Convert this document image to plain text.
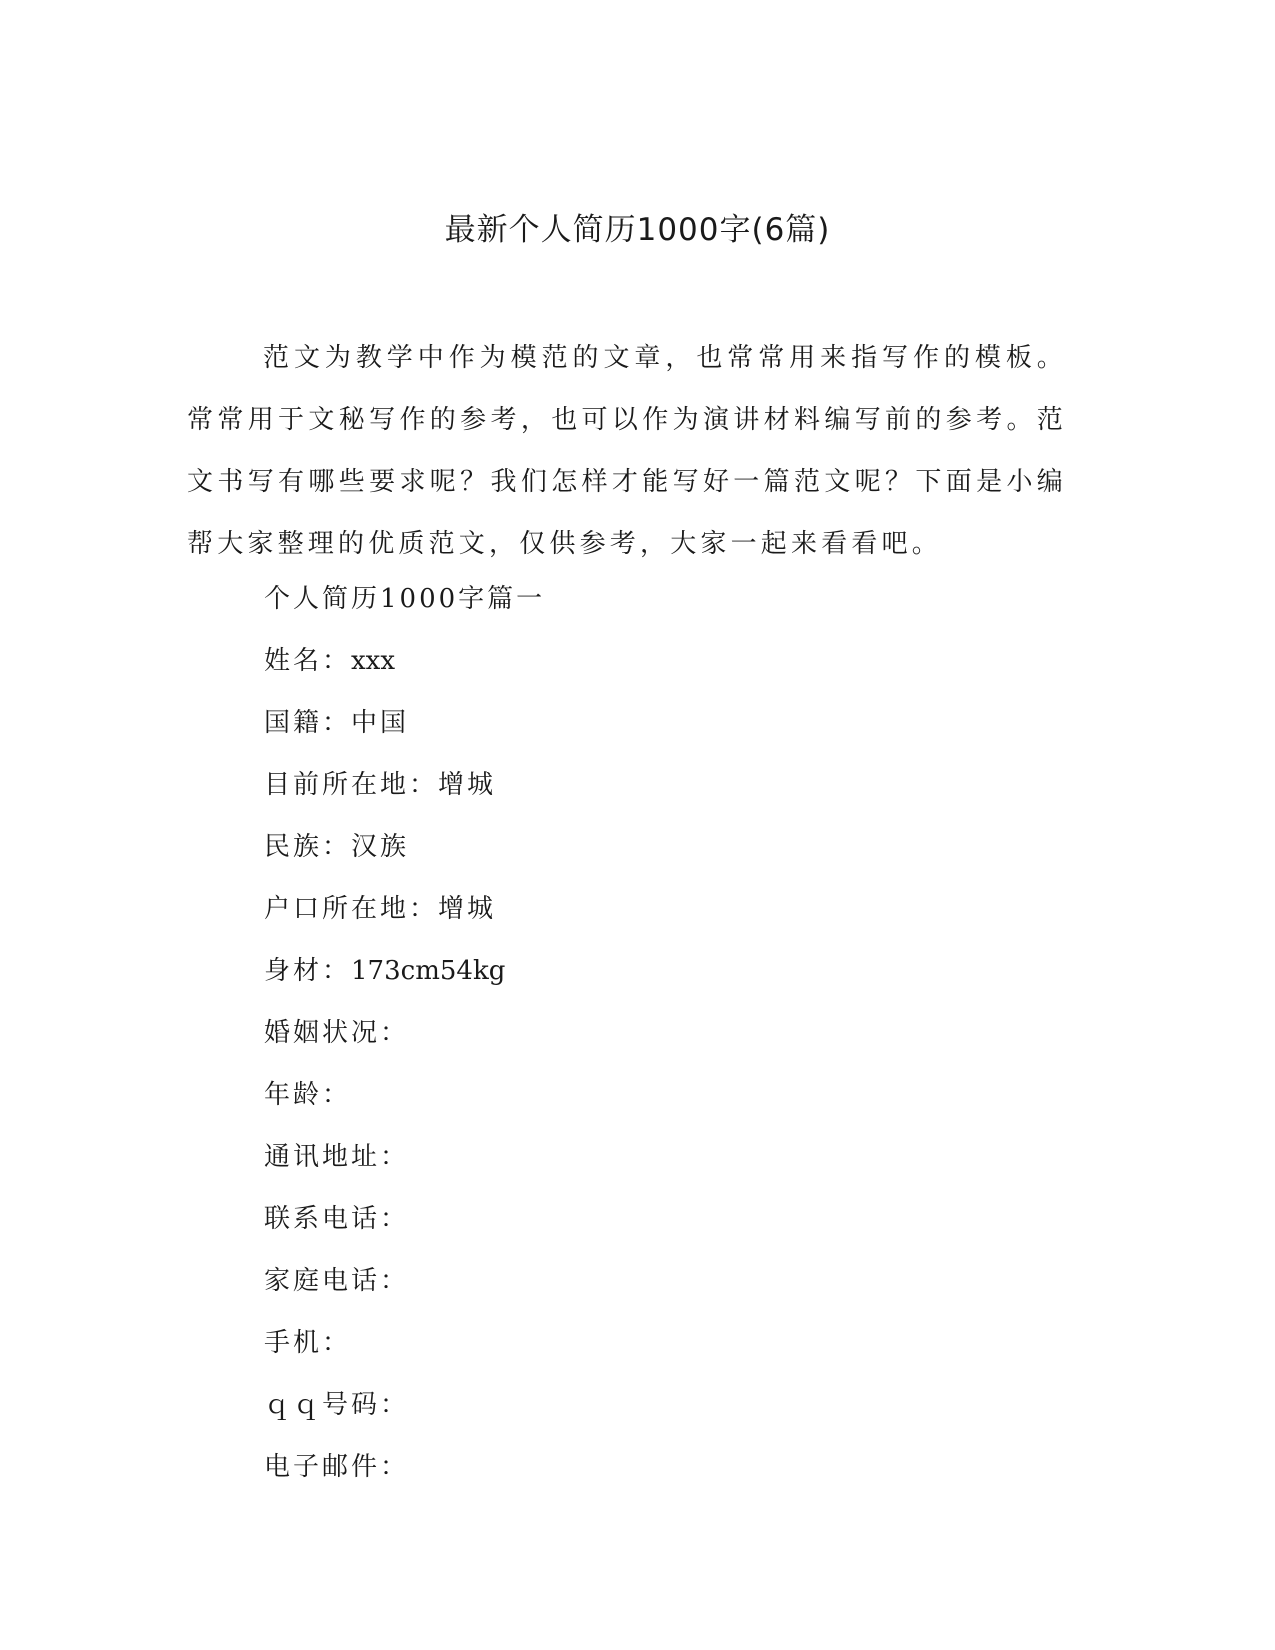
最新个人简历1000字(6篇)

范文为教学中作为模范的文章，也常常用来指写作的模板。常常用于文秘写作的参考，也可以作为演讲材料编写前的参考。范文书写有哪些要求呢？我们怎样才能写好一篇范文呢？下面是小编帮大家整理的优质范文，仅供参考，大家一起来看看吧。

个人简历1000字篇一
姓名：xxx
国籍：中国
目前所在地：增城
民族：汉族
户口所在地：增城
身材：173cm54kg
婚姻状况：
年龄：
通讯地址：
联系电话：
家庭电话：
手机：
ｑｑ号码：
电子邮件：
